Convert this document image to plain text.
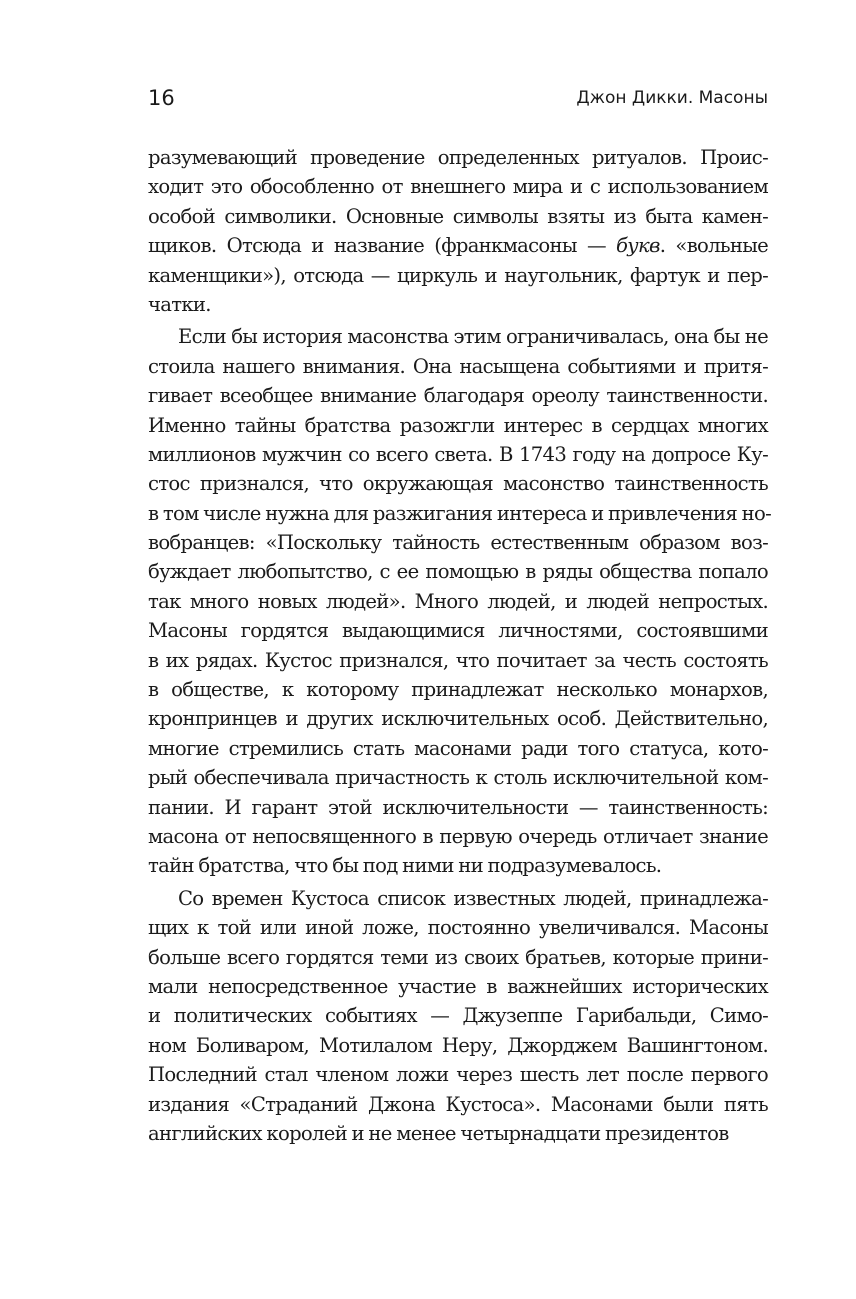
16	Джон Дикки. Масоны
разумевающий проведение определенных ритуалов. Проис-
ходит это обособленно от внешнего мира и с использованием
особой символики. Основные символы взяты из быта камен-
щиков. Отсюда и название (франкмасоны — букв. «вольные
каменщики»), отсюда — циркуль и наугольник, фартук и пер-
чатки.
Если бы история масонства этим ограничивалась, она бы не
стоила нашего внимания. Она насыщена событиями и притя-
гивает всеобщее внимание благодаря ореолу таинственности.
Именно тайны братства разожгли интерес в сердцах многих
миллионов мужчин со всего света. В 1743 году на допросе Ку-
стос признался, что окружающая масонство таинственность
в том числе нужна для разжигания интереса и привлечения но-
вобранцев: «Поскольку тайность естественным образом воз-
буждает любопытство, с ее помощью в ряды общества попало
так много новых людей». Много людей, и людей непростых.
Масоны гордятся выдающимися личностями, состоявшими
в их рядах. Кустос признался, что почитает за честь состоять
в обществе, к которому принадлежат несколько монархов,
кронпринцев и других исключительных особ. Действительно,
многие стремились стать масонами ради того статуса, кото-
рый обеспечивала причастность к столь исключительной ком-
пании. И гарант этой исключительности — таинственность:
масона от непосвященного в первую очередь отличает знание
тайн братства, что бы под ними ни подразумевалось.
Со времен Кустоса список известных людей, принадлежа-
щих к той или иной ложе, постоянно увеличивался. Масоны
больше всего гордятся теми из своих братьев, которые прини-
мали непосредственное участие в важнейших исторических
и политических событиях — Джузеппе Гарибальди, Симо-
ном Боливаром, Мотилалом Неру, Джорджем Вашингтоном.
Последний стал членом ложи через шесть лет после первого
издания «Страданий Джона Кустоса». Масонами были пять
английских королей и не менее четырнадцати президентов
